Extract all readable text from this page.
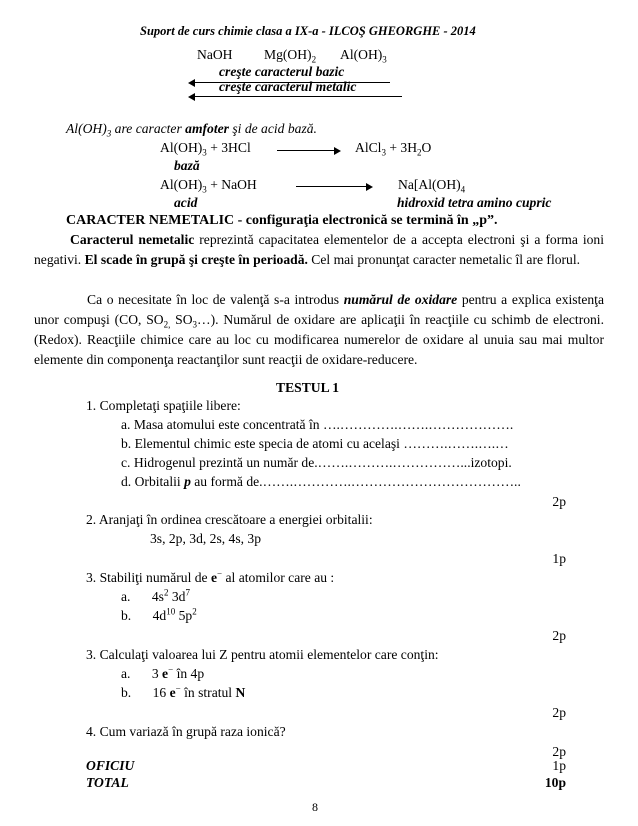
Suport de curs chimie clasa a IX-a - ILCOŞ GHEORGHE - 2014
NaOH $Mg(OH)_2$ $Al(OH)_3$
creşte caracterul bazic
creşte caracterul metalic
$Al(OH)_3$ are caracter amfoter şi de acid bază.
$Al(OH)_3 + 3HCl$	AlCl$_3$ + $3H_2O$
bază
$Al(OH)_3$ + NaOH	$Na[Al(OH)_4$
acid	hidroxid tetra amino cupric
CARACTER NEMETALIC - configuraţia electronică se termină în „p”.
Caracterul nemetalic reprezintă capacitatea elementelor de a accepta electroni şi a forma ioni negativi. El scade în grupă şi creşte în perioadă. Cel mai pronunţat caracter nemetalic îl are florul.
Ca o necesitate în loc de valenţă s-a introdus numărul de oxidare pentru a explica existenţa unor compuşi (CO, $SO_{2,}$ $SO_3\dots$). Numărul de oxidare are aplicaţii în reacţiile cu schimb de electroni. (Redox). Reacţiile chimice care au loc cu modificarea numerelor de oxidare al unuia sau mai multor elemente din componenţa reactanţilor sunt reacţii de oxidare-reducere.
TESTUL 1
1. Completaţi spaţiile libere:
a. Masa atomului este concentrată în ….………….…….……………….
b. Elementul chimic este specia de atomi cu acelaşi ……….…….….…
c. Hidrogenul prezintă un număr de.…….……….……………...izotopi.
d. Orbitalii p au formă de.…….………….………………………………..
2p
2. Aranjaţi în ordinea crescătoare a energiei orbitalii:
3s, 2p, 3d, 2s, 4s, 3p
1p
3. Stabiliţi numărul de e− al atomilor care au :
a. $4s^2$ $3d^7$
b. $4d^{10}$ $5p^2$
2p
3. Calculaţi valoarea lui Z pentru atomii elementelor care conţin:
a. 3 e− în 4p
b. 16 e− în stratul N
2p
4. Cum variază în grupă raza ionică?
2p
OFICIU	1p
TOTAL	10p
8
